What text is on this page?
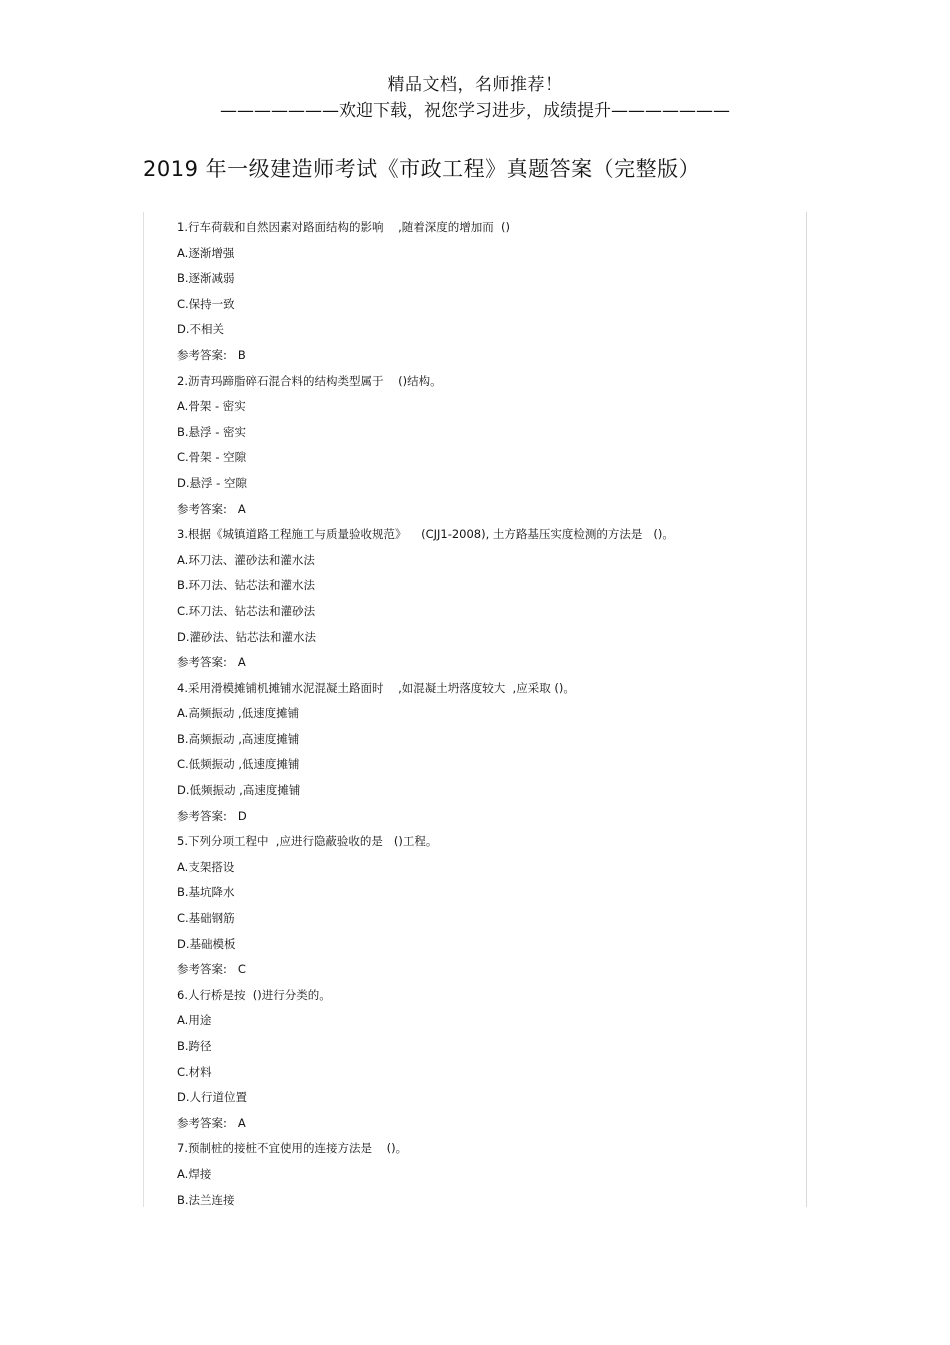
精品文档，名师推荐！
———————欢迎下载，祝您学习进步，成绩提升———————
2019 年一级建造师考试《市政工程》真题答案（完整版）
1.行车荷载和自然因素对路面结构的影响    ,随着深度的增加而  ()
A.逐渐增强
B.逐渐减弱
C.保持一致
D.不相关
参考答案:   B
2.沥青玛蹄脂碎石混合料的结构类型属于    ()结构。
A.骨架 - 密实
B.悬浮 - 密实
C.骨架 - 空隙
D.悬浮 - 空隙
参考答案:   A
3.根据《城镇道路工程施工与质量验收规范》    (CJJ1-2008), 土方路基压实度检测的方法是   ()。
A.环刀法、灌砂法和灌水法
B.环刀法、钻芯法和灌水法
C.环刀法、钻芯法和灌砂法
D.灌砂法、钻芯法和灌水法
参考答案:   A
4.采用滑模摊铺机摊铺水泥混凝土路面时    ,如混凝土坍落度较大  ,应采取 ()。
A.高频振动 ,低速度摊铺
B.高频振动 ,高速度摊铺
C.低频振动 ,低速度摊铺
D.低频振动 ,高速度摊铺
参考答案:   D
5.下列分项工程中  ,应进行隐蔽验收的是   ()工程。
A.支架搭设
B.基坑降水
C.基础钢筋
D.基础模板
参考答案:   C
6.人行桥是按  ()进行分类的。
A.用途
B.跨径
C.材料
D.人行道位置
参考答案:   A
7.预制桩的接桩不宜使用的连接方法是    ()。
A.焊接
B.法兰连接
